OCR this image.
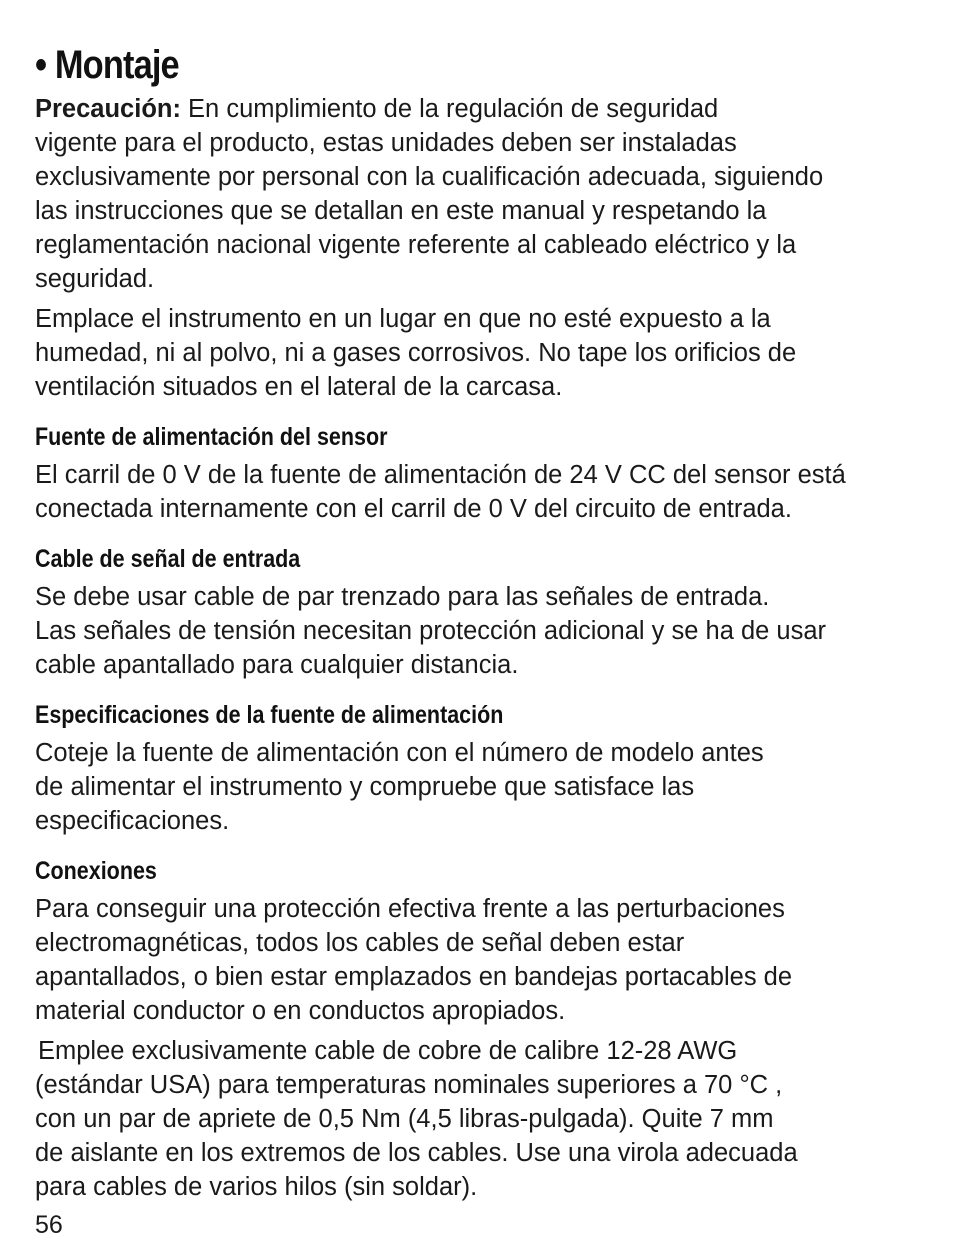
• Montaje

Precaución: En cumplimiento de la regulación de seguridad
vigente para el producto, estas unidades deben ser instaladas
exclusivamente por personal con la cualificación adecuada, siguiendo
las instrucciones que se detallan en este manual y respetando la
reglamentación nacional vigente referente al cableado eléctrico y la
seguridad.

Emplace el instrumento en un lugar en que no esté expuesto a la
humedad, ni al polvo, ni a gases corrosivos. No tape los orificios de
ventilación situados en el lateral de la carcasa.

Fuente de alimentación del sensor

El carril de 0 V de la fuente de alimentación de 24 V CC del sensor está
conectada internamente con el carril de 0 V del circuito de entrada.

Cable de señal de entrada

Se debe usar cable de par trenzado para las señales de entrada.
Las señales de tensión necesitan protección adicional y se ha de usar
cable apantallado para cualquier distancia.

Especificaciones de la fuente de alimentación

Coteje la fuente de alimentación con el número de modelo antes
de alimentar el instrumento y compruebe que satisface las
especificaciones.

Conexiones

Para conseguir una protección efectiva frente a las perturbaciones
electromagnéticas, todos los cables de señal deben estar
apantallados, o bien estar emplazados en bandejas portacables de
material conductor o en conductos apropiados.

Emplee exclusivamente cable de cobre de calibre 12-28 AWG
(estándar USA) para temperaturas nominales superiores a 70 °C ,
con un par de apriete de 0,5 Nm (4,5 libras-pulgada). Quite 7 mm
de aislante en los extremos de los cables. Use una virola adecuada
para cables de varios hilos (sin soldar).

56
